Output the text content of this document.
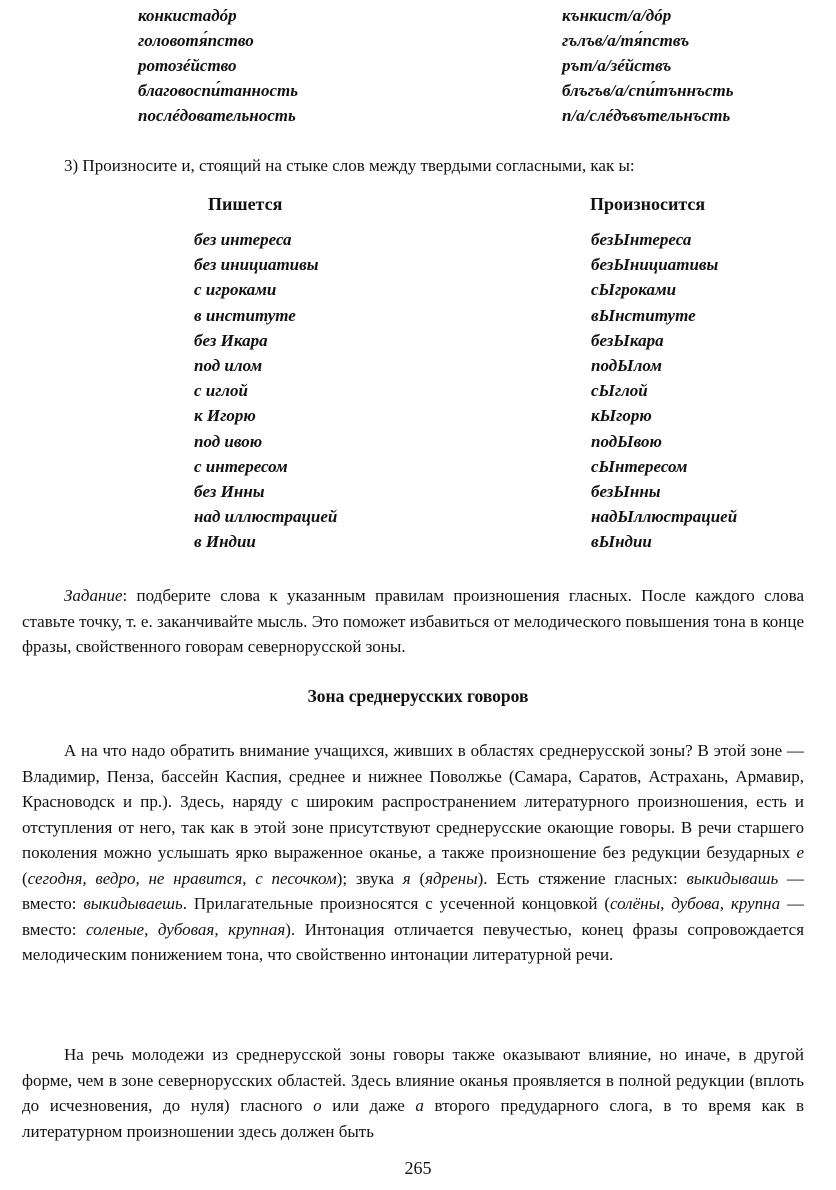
конкистадóр	кънкист/а/дóр
головотя́пство	гълъв/а/тя́пствъ
ротозéйство	рът/а/зéйствъ
благовоспи́танность	блъгъв/а/спи́тъннъсть
послéдовательность	п/а/слéдъвътельнъсть
3) Произносите и, стоящий на стыке слов между твердыми согласными, как ы:
Пишется	Произносится
без интереса	безЫнтереса
без инициативы	безЫнициативы
с игроками	сЫгроками
в институте	вЫнституте
без Икара	безЫкара
под илом	подЫлом
с иглой	сЫглой
к Игорю	кЫгорю
под ивою	подЫвою
с интересом	сЫнтересом
без Инны	безЫнны
над иллюстрацией	надЫллюстрацией
в Индии	вЫндии
Задание: подберите слова к указанным правилам произношения гласных. После каждого слова ставьте точку, т. е. заканчивайте мысль. Это поможет избавиться от мелодического повышения тона в конце фразы, свойственного говорам севернорусской зоны.
Зона среднерусских говоров
А на что надо обратить внимание учащихся, живших в областях среднерусской зоны? В этой зоне — Владимир, Пенза, бассейн Каспия, среднее и нижнее Поволжье (Самара, Саратов, Астрахань, Армавир, Красноводск и пр.). Здесь, наряду с широким распространением литературного произношения, есть и отступления от него, так как в этой зоне присутствуют среднерусские окающие говоры. В речи старшего поколения можно услышать ярко выраженное оканье, а также произношение без редукции безударных е (сегодня, ведро, не нравится, с песочком); звука я (ядрены). Есть стяжение гласных: выкидывашь — вместо: выкидываешь. Прилагательные произносятся с усеченной концовкой (солёны, дубова, крупна — вместо: соленые, дубовая, крупная). Интонация отличается певучестью, конец фразы сопровождается мелодическим понижением тона, что свойственно интонации литературной речи.
На речь молодежи из среднерусской зоны говоры также оказывают влияние, но иначе, в другой форме, чем в зоне севернорусских областей. Здесь влияние оканья проявляется в полной редукции (вплоть до исчезновения, до нуля) гласного о или даже а второго предударного слога, в то время как в литературном произношении здесь должен быть
265
